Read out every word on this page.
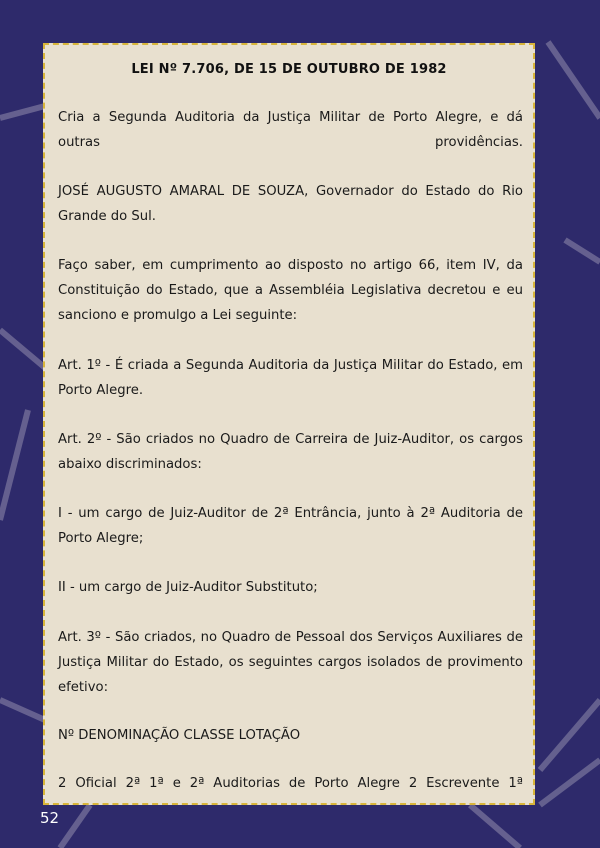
LEI Nº 7.706, DE 15 DE OUTUBRO DE 1982
Cria a Segunda Auditoria da Justiça Militar de Porto Alegre, e dá outras providências.
JOSÉ AUGUSTO AMARAL DE SOUZA, Governador do Estado do Rio Grande do Sul.
Faço saber, em cumprimento ao disposto no artigo 66, item IV, da Constituição do Estado, que a Assembléia Legislativa decretou e eu sanciono e promulgo a Lei seguinte:
Art. 1º - É criada a Segunda Auditoria da Justiça Militar do Estado, em Porto Alegre.
Art. 2º - São criados no Quadro de Carreira de Juiz-Auditor, os cargos abaixo discriminados:
I - um cargo de Juiz-Auditor de 2ª Entrância, junto à 2ª Auditoria de Porto Alegre;
II - um cargo de Juiz-Auditor Substituto;
Art. 3º - São criados, no Quadro de Pessoal dos Serviços Auxiliares de Justiça Militar do Estado, os seguintes cargos isolados de provimento efetivo:
Nº DENOMINAÇÃO CLASSE LOTAÇÃO
2 Oficial 2ª 1ª e 2ª Auditorias de Porto Alegre 2 Escrevente 1ª
52
